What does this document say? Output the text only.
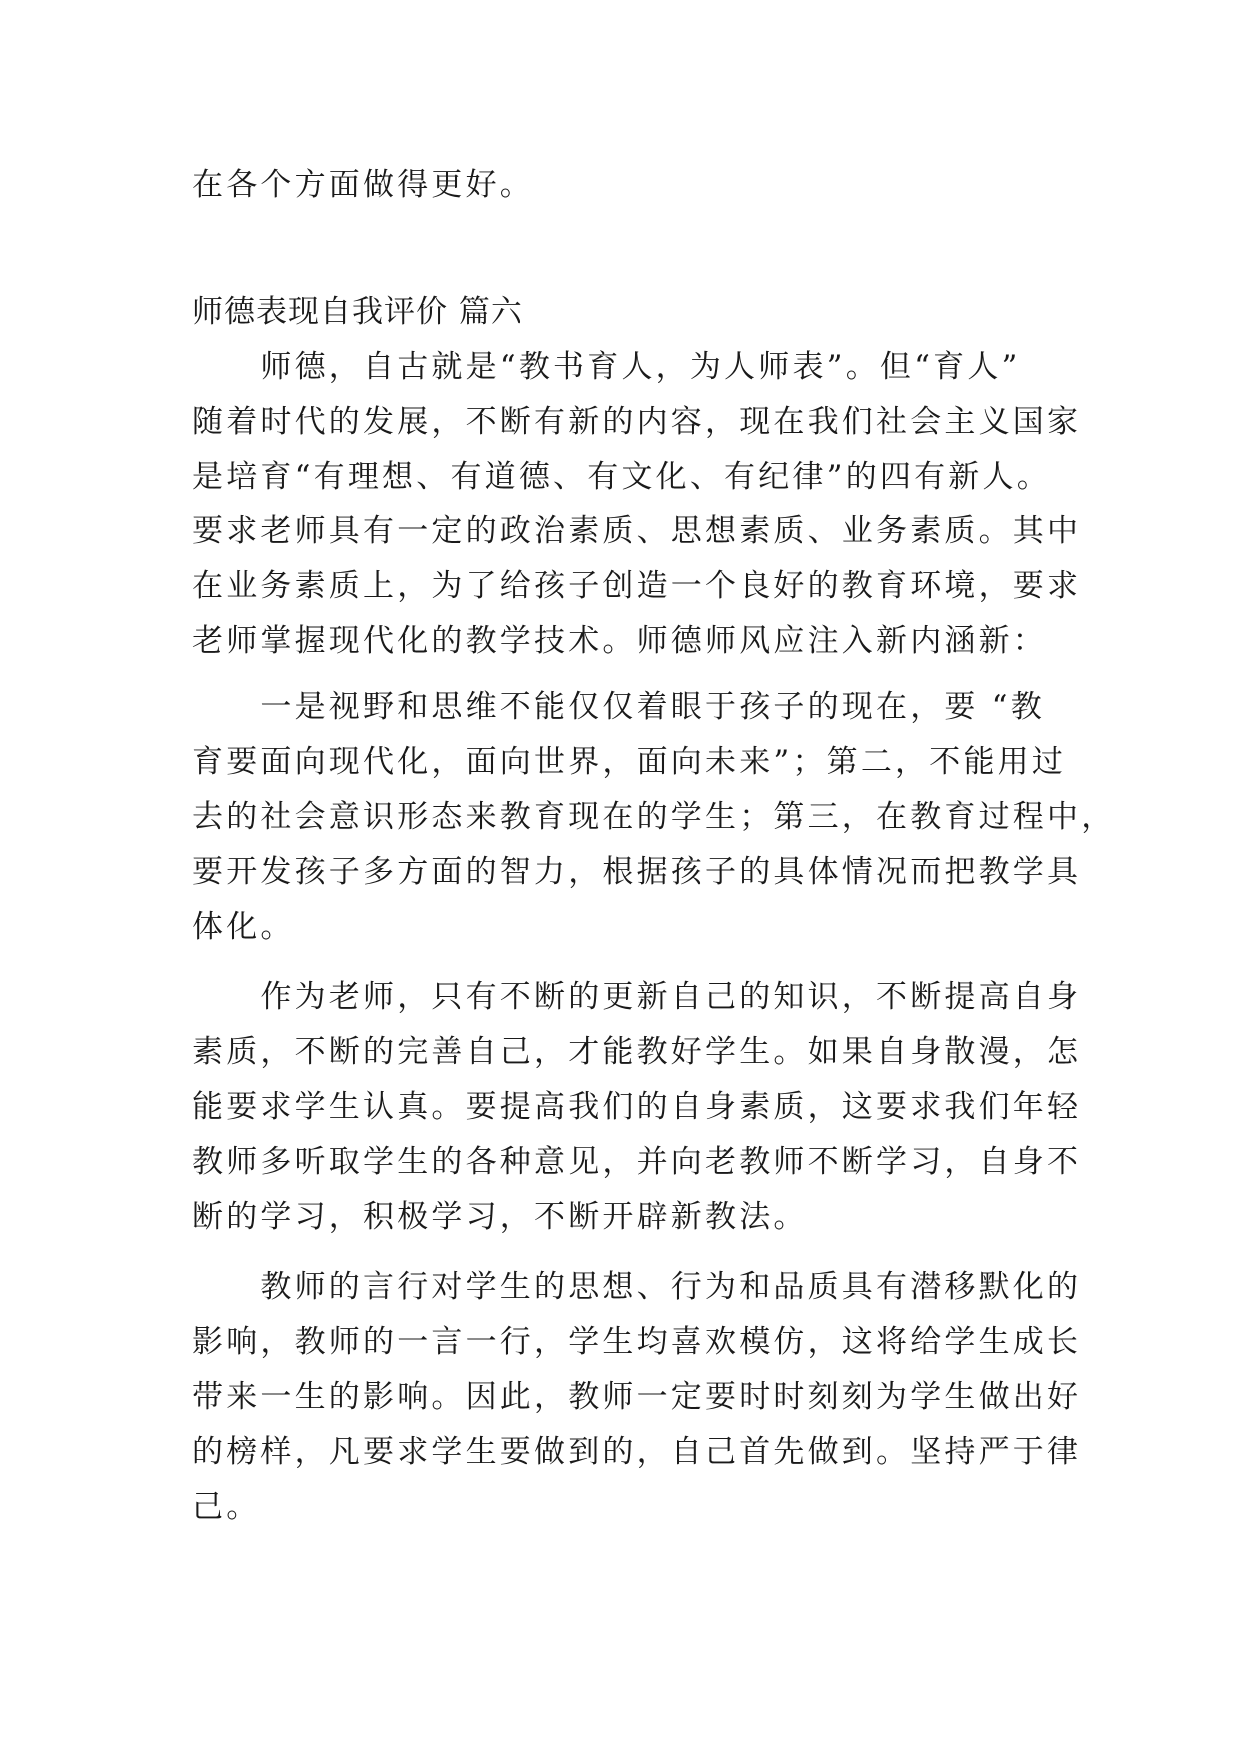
在各个方面做得更好。
师德表现自我评价 篇六
　　师德，自古就是“教书育人，为人师表”。但“育人”
随着时代的发展，不断有新的内容，现在我们社会主义国家
是培育“有理想、有道德、有文化、有纪律”的四有新人。
要求老师具有一定的政治素质、思想素质、业务素质。其中
在业务素质上，为了给孩子创造一个良好的教育环境，要求
老师掌握现代化的教学技术。师德师风应注入新内涵新：
　　一是视野和思维不能仅仅着眼于孩子的现在，要 “教
育要面向现代化，面向世界，面向未来”；第二，不能用过
去的社会意识形态来教育现在的学生；第三，在教育过程中，
要开发孩子多方面的智力，根据孩子的具体情况而把教学具
体化。
　　作为老师，只有不断的更新自己的知识，不断提高自身
素质，不断的完善自己，才能教好学生。如果自身散漫，怎
能要求学生认真。要提高我们的自身素质，这要求我们年轻
教师多听取学生的各种意见，并向老教师不断学习，自身不
断的学习，积极学习，不断开辟新教法。
　　教师的言行对学生的思想、行为和品质具有潜移默化的
影响，教师的一言一行，学生均喜欢模仿，这将给学生成长
带来一生的影响。因此，教师一定要时时刻刻为学生做出好
的榜样，凡要求学生要做到的，自己首先做到。坚持严于律
己。
